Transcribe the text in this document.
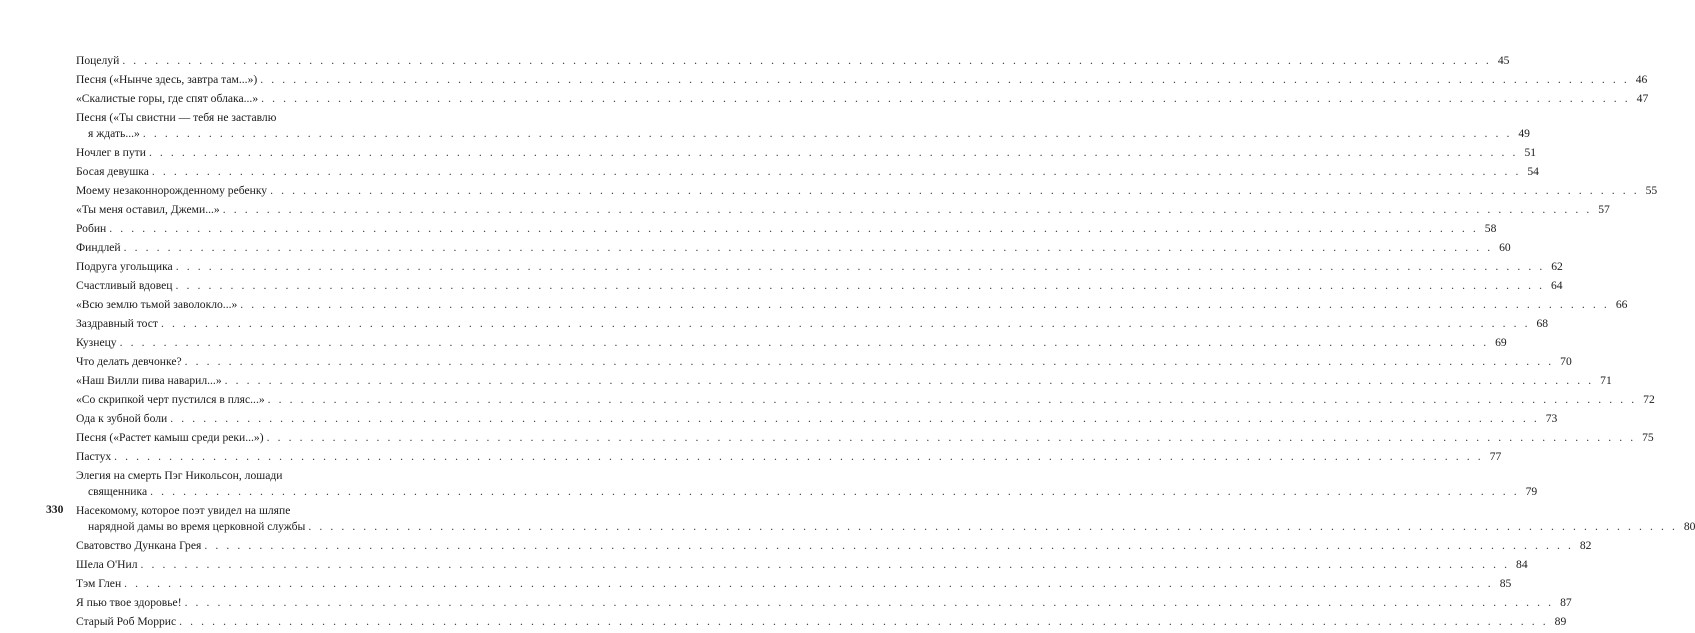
Поцелуй . . .	45
Песня («Нынче здесь, завтра там...») . . .	46
«Скалистые горы, где спят облака...» . . .	47
Песня («Ты свистни — тебя не заставлю
я ждать...» . . .	49
Ночлег в пути . . .	51
Босая девушка . . .	54
Моему незаконнорожденному ребенку . . .	55
«Ты меня оставил, Джеми...» . . .	57
Робин . . .	58
Финдлей . . .	60
Подруга угольщика . . .	62
Счастливый вдовец . . .	64
«Всю землю тьмой заволокло...» . . .	66
Заздравный тост . . .	68
Кузнецу . . .	69
Что делать девчонке? . . .	70
«Наш Вилли пива наварил...» . . .	71
«Со скрипкой черт пустился в пляс...» . . .	72
Ода к зубной боли . . .	73
Песня («Растет камыш среди реки...») . . .	75
Пастух . . .	77
Элегия на смерть Пэг Никольсон, лошади
священника . . .	79
Насекомому, которое поэт увидел на шляпе
нарядной дамы во время церковной службы . . .	80
Сватовство Дункана Грея . . .	82
Шела О'Нил . . .	84
Тэм Глен . . .	85
Я пью твое здоровье! . . .	87
Старый Роб Моррис . . .	89
330
